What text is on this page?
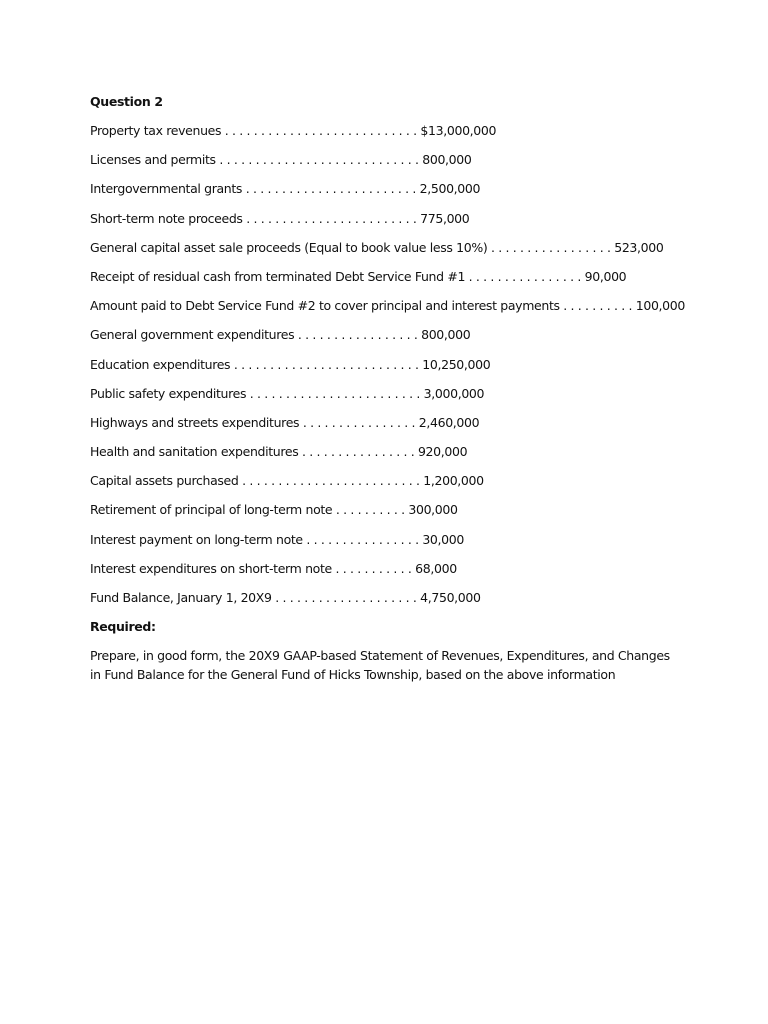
Question 2
Property tax revenues . . . . . . . . . . . . . . . . . . . . . . . . . . . $13,000,000
Licenses and permits . . . . . . . . . . . . . . . . . . . . . . . . . . . . 800,000
Intergovernmental grants . . . . . . . . . . . . . . . . . . . . . . . . 2,500,000
Short-term note proceeds . . . . . . . . . . . . . . . . . . . . . . . . 775,000
General capital asset sale proceeds (Equal to book value less 10%) . . . . . . . . . . . . . . . . . 523,000
Receipt of residual cash from terminated Debt Service Fund #1 . . . . . . . . . . . . . . . . 90,000
Amount paid to Debt Service Fund #2 to cover principal and interest payments . . . . . . . . . . 100,000
General government expenditures . . . . . . . . . . . . . . . . . 800,000
Education expenditures . . . . . . . . . . . . . . . . . . . . . . . . . . 10,250,000
Public safety expenditures . . . . . . . . . . . . . . . . . . . . . . . . 3,000,000
Highways and streets expenditures . . . . . . . . . . . . . . . . 2,460,000
Health and sanitation expenditures . . . . . . . . . . . . . . . . 920,000
Capital assets purchased . . . . . . . . . . . . . . . . . . . . . . . . . 1,200,000
Retirement of principal of long-term note . . . . . . . . . . 300,000
Interest payment on long-term note . . . . . . . . . . . . . . . . 30,000
Interest expenditures on short-term note . . . . . . . . . . . 68,000
Fund Balance, January 1, 20X9 . . . . . . . . . . . . . . . . . . . . 4,750,000
Required:

Prepare, in good form, the 20X9 GAAP-based Statement of Revenues, Expenditures, and Changes in Fund Balance for the General Fund of Hicks Township, based on the above information
